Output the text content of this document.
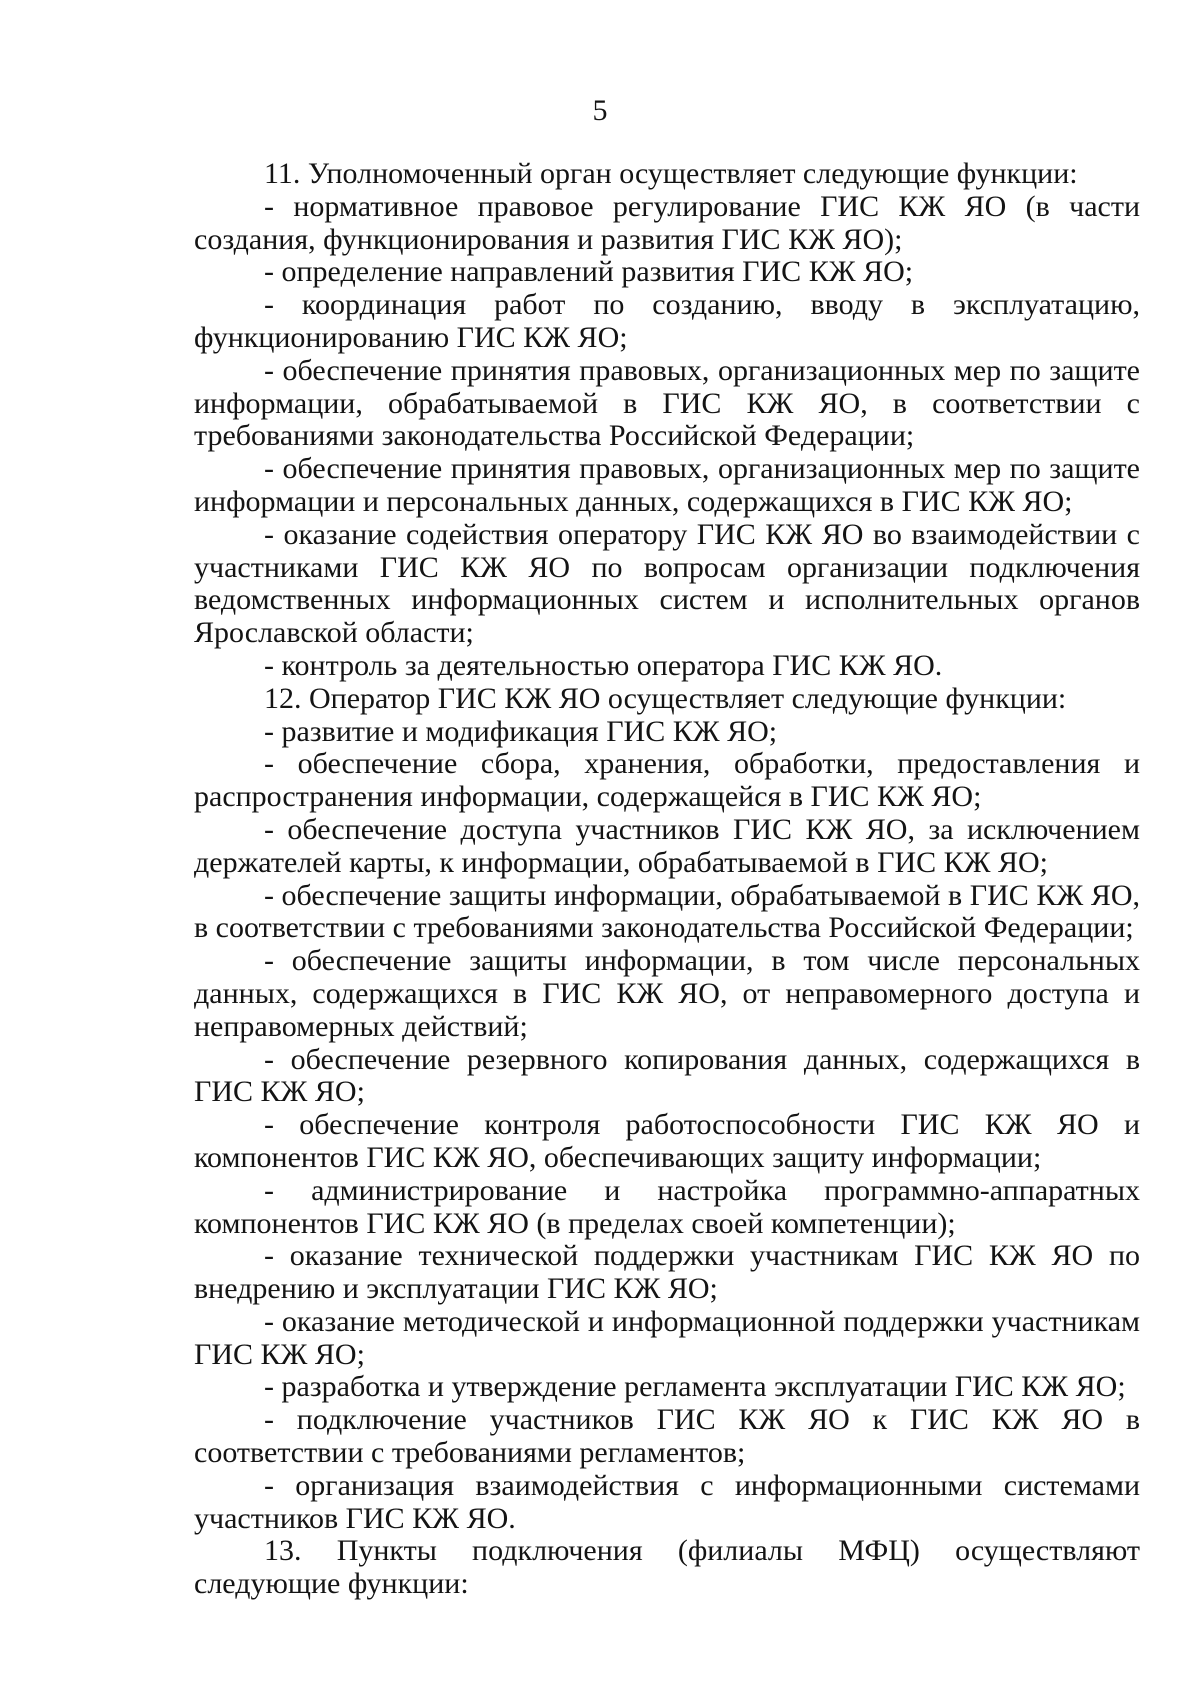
5

11. Уполномоченный орган осуществляет следующие функции:

- нормативное правовое регулирование ГИС КЖ ЯО (в части создания, функционирования и развития ГИС КЖ ЯО);

- определение направлений развития ГИС КЖ ЯО;

- координация работ по созданию, вводу в эксплуатацию, функционированию ГИС КЖ ЯО;

- обеспечение принятия правовых, организационных мер по защите информации, обрабатываемой в ГИС КЖ ЯО, в соответствии с требованиями законодательства Российской Федерации;

- обеспечение принятия правовых, организационных мер по защите информации и персональных данных, содержащихся в ГИС КЖ ЯО;

- оказание содействия оператору ГИС КЖ ЯО во взаимодействии с участниками ГИС КЖ ЯО по вопросам организации подключения ведомственных информационных систем и исполнительных органов Ярославской области;

- контроль за деятельностью оператора ГИС КЖ ЯО.

12. Оператор ГИС КЖ ЯО осуществляет следующие функции:

- развитие и модификация ГИС КЖ ЯО;

- обеспечение сбора, хранения, обработки, предоставления и распространения информации, содержащейся в ГИС КЖ ЯО;

- обеспечение доступа участников ГИС КЖ ЯО, за исключением держателей карты, к информации, обрабатываемой в ГИС КЖ ЯО;

- обеспечение защиты информации, обрабатываемой в ГИС КЖ ЯО, в соответствии с требованиями законодательства Российской Федерации;

- обеспечение защиты информации, в том числе персональных данных, содержащихся в ГИС КЖ ЯО, от неправомерного доступа и неправомерных действий;

- обеспечение резервного копирования данных, содержащихся в ГИС КЖ ЯО;

- обеспечение контроля работоспособности ГИС КЖ ЯО и компонентов ГИС КЖ ЯО, обеспечивающих защиту информации;

- администрирование и настройка программно-аппаратных компонентов ГИС КЖ ЯО (в пределах своей компетенции);

- оказание технической поддержки участникам ГИС КЖ ЯО по внедрению и эксплуатации ГИС КЖ ЯО;

- оказание методической и информационной поддержки участникам ГИС КЖ ЯО;

- разработка и утверждение регламента эксплуатации ГИС КЖ ЯО;

- подключение участников ГИС КЖ ЯО к ГИС КЖ ЯО в соответствии с требованиями регламентов;

- организация взаимодействия с информационными системами участников ГИС КЖ ЯО.

13. Пункты подключения (филиалы МФЦ) осуществляют следующие функции:
